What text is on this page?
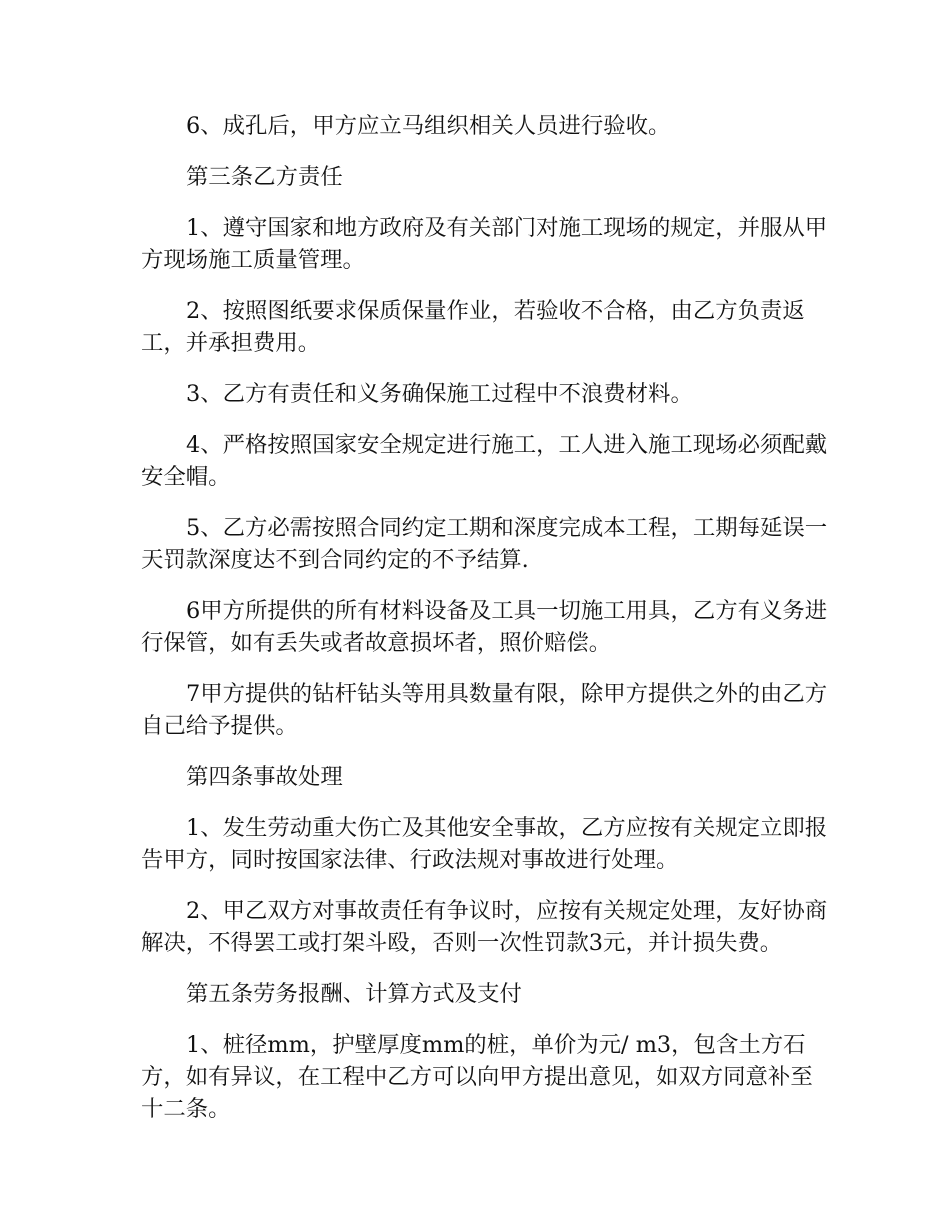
6、成孔后，甲方应立马组织相关人员进行验收。

第三条乙方责任

1、遵守国家和地方政府及有关部门对施工现场的规定，并服从甲方现场施工质量管理。

2、按照图纸要求保质保量作业，若验收不合格，由乙方负责返工，并承担费用。

3、乙方有责任和义务确保施工过程中不浪费材料。

4、严格按照国家安全规定进行施工，工人进入施工现场必须配戴安全帽。

5、乙方必需按照合同约定工期和深度完成本工程，工期每延误一天罚款深度达不到合同约定的不予结算.

6甲方所提供的所有材料设备及工具一切施工用具，乙方有义务进行保管，如有丢失或者故意损坏者，照价赔偿。

7甲方提供的钻杆钻头等用具数量有限，除甲方提供之外的由乙方自己给予提供。

第四条事故处理

1、发生劳动重大伤亡及其他安全事故，乙方应按有关规定立即报告甲方，同时按国家法律、行政法规对事故进行处理。

2、甲乙双方对事故责任有争议时，应按有关规定处理，友好协商解决，不得罢工或打架斗殴，否则一次性罚款3元，并计损失费。

第五条劳务报酬、计算方式及支付

1、桩径mm，护壁厚度mm的桩，单价为元/ m3，包含土方石方，如有异议，在工程中乙方可以向甲方提出意见，如双方同意补至十二条。
